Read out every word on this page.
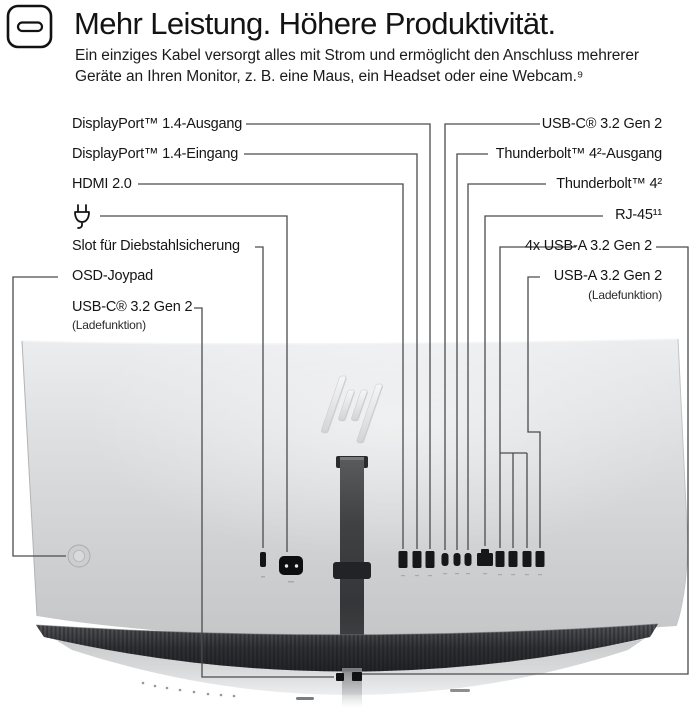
Mehr Leistung. Höhere Produktivität.
Ein einziges Kabel versorgt alles mit Strom und ermöglicht den Anschluss mehrerer
Geräte an Ihren Monitor, z. B. eine Maus, ein Headset oder eine Webcam.⁹
DisplayPort™ 1.4-Ausgang
DisplayPort™ 1.4-Eingang
HDMI 2.0
Slot für Diebstahlsicherung
OSD-Joypad
USB-C® 3.2 Gen 2
(Ladefunktion)
USB-C® 3.2 Gen 2
Thunderbolt™ 4²-Ausgang
Thunderbolt™ 4²
RJ-45¹¹
4x USB-A 3.2 Gen 2
USB-A 3.2 Gen 2
(Ladefunktion)
